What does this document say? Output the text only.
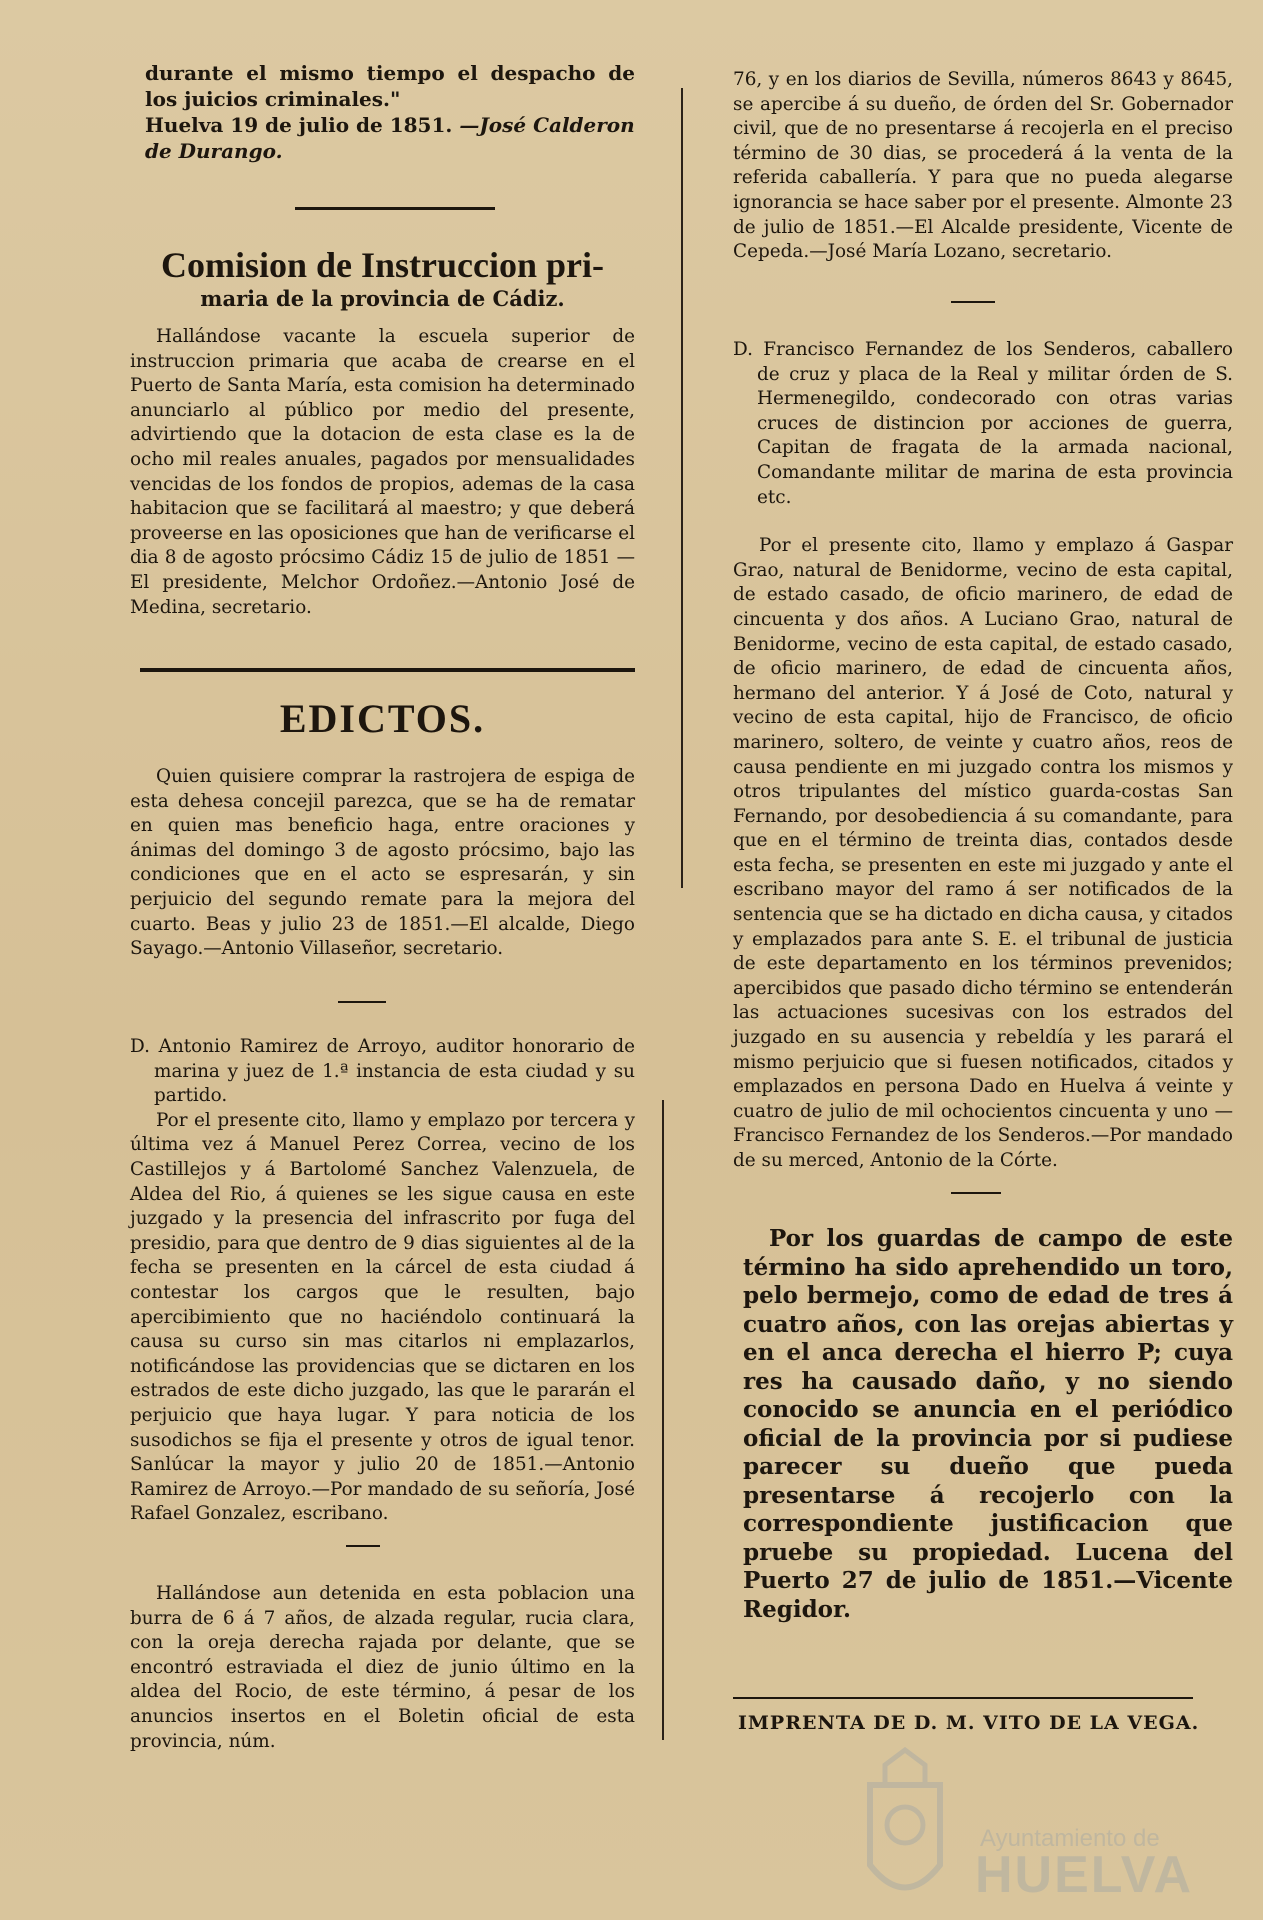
durante el mismo tiempo el despacho de los juicios criminales."

Huelva 19 de julio de 1851. —José Calderon de Durango.

Comision de Instruccion pri-

maria de la provincia de Cádiz.

Hallándose vacante la escuela superior de instruccion primaria que acaba de crearse en el Puerto de Santa María, esta comision ha determinado anunciarlo al público por medio del presente, advirtiendo que la dotacion de esta clase es la de ocho mil reales anuales, pagados por mensualidades vencidas de los fondos de propios, ademas de la casa habitacion que se facilitará al maestro; y que deberá proveerse en las oposiciones que han de verificarse el dia 8 de agosto prócsimo Cádiz 15 de julio de 1851 —El presidente, Melchor Ordoñez.—Antonio José de Medina, secretario.

EDICTOS.

Quien quisiere comprar la rastrojera de espiga de esta dehesa concejil parezca, que se ha de rematar en quien mas beneficio haga, entre oraciones y ánimas del domingo 3 de agosto prócsimo, bajo las condiciones que en el acto se espresarán, y sin perjuicio del segundo remate para la mejora del cuarto. Beas y julio 23 de 1851.—El alcalde, Diego Sayago.—Antonio Villaseñor, secretario.

D. Antonio Ramirez de Arroyo, auditor honorario de marina y juez de 1.ª instancia de esta ciudad y su partido.

Por el presente cito, llamo y emplazo por tercera y última vez á Manuel Perez Correa, vecino de los Castillejos y á Bartolomé Sanchez Valenzuela, de Aldea del Rio, á quienes se les sigue causa en este juzgado y la presencia del infrascrito por fuga del presidio, para que dentro de 9 dias siguientes al de la fecha se presenten en la cárcel de esta ciudad á contestar los cargos que le resulten, bajo apercibimiento que no haciéndolo continuará la causa su curso sin mas citarlos ni emplazarlos, notificándose las providencias que se dictaren en los estrados de este dicho juzgado, las que le pararán el perjuicio que haya lugar. Y para noticia de los susodichos se fija el presente y otros de igual tenor. Sanlúcar la mayor y julio 20 de 1851.—Antonio Ramirez de Arroyo.—Por mandado de su señoría, José Rafael Gonzalez, escribano.

Hallándose aun detenida en esta poblacion una burra de 6 á 7 años, de alzada regular, rucia clara, con la oreja derecha rajada por delante, que se encontró estraviada el diez de junio último en la aldea del Rocio, de este término, á pesar de los anuncios insertos en el Boletin oficial de esta provincia, núm.

76, y en los diarios de Sevilla, números 8643 y 8645, se apercibe á su dueño, de órden del Sr. Gobernador civil, que de no presentarse á recojerla en el preciso término de 30 dias, se procederá á la venta de la referida caballería. Y para que no pueda alegarse ignorancia se hace saber por el presente. Almonte 23 de julio de 1851.—El Alcalde presidente, Vicente de Cepeda.—José María Lozano, secretario.

D. Francisco Fernandez de los Senderos, caballero de cruz y placa de la Real y militar órden de S. Hermenegildo, condecorado con otras varias cruces de distincion por acciones de guerra, Capitan de fragata de la armada nacional, Comandante militar de marina de esta provincia etc.

Por el presente cito, llamo y emplazo á Gaspar Grao, natural de Benidorme, vecino de esta capital, de estado casado, de oficio marinero, de edad de cincuenta y dos años. A Luciano Grao, natural de Benidorme, vecino de esta capital, de estado casado, de oficio marinero, de edad de cincuenta años, hermano del anterior. Y á José de Coto, natural y vecino de esta capital, hijo de Francisco, de oficio marinero, soltero, de veinte y cuatro años, reos de causa pendiente en mi juzgado contra los mismos y otros tripulantes del místico guarda-costas San Fernando, por desobediencia á su comandante, para que en el término de treinta dias, contados desde esta fecha, se presenten en este mi juzgado y ante el escribano mayor del ramo á ser notificados de la sentencia que se ha dictado en dicha causa, y citados y emplazados para ante S. E. el tribunal de justicia de este departamento en los términos prevenidos; apercibidos que pasado dicho término se entenderán las actuaciones sucesivas con los estrados del juzgado en su ausencia y rebeldía y les parará el mismo perjuicio que si fuesen notificados, citados y emplazados en persona Dado en Huelva á veinte y cuatro de julio de mil ochocientos cincuenta y uno —Francisco Fernandez de los Senderos.—Por mandado de su merced, Antonio de la Córte.

Por los guardas de campo de este término ha sido aprehendido un toro, pelo bermejo, como de edad de tres á cuatro años, con las orejas abiertas y en el anca derecha el hierro P; cuya res ha causado daño, y no siendo conocido se anuncia en el periódico oficial de la provincia por si pudiese parecer su dueño que pueda presentarse á recojerlo con la correspondiente justificacion que pruebe su propiedad. Lucena del Puerto 27 de julio de 1851.—Vicente Regidor.

IMPRENTA DE D. M. VITO DE LA VEGA.

Ayuntamiento de
HUELVA
